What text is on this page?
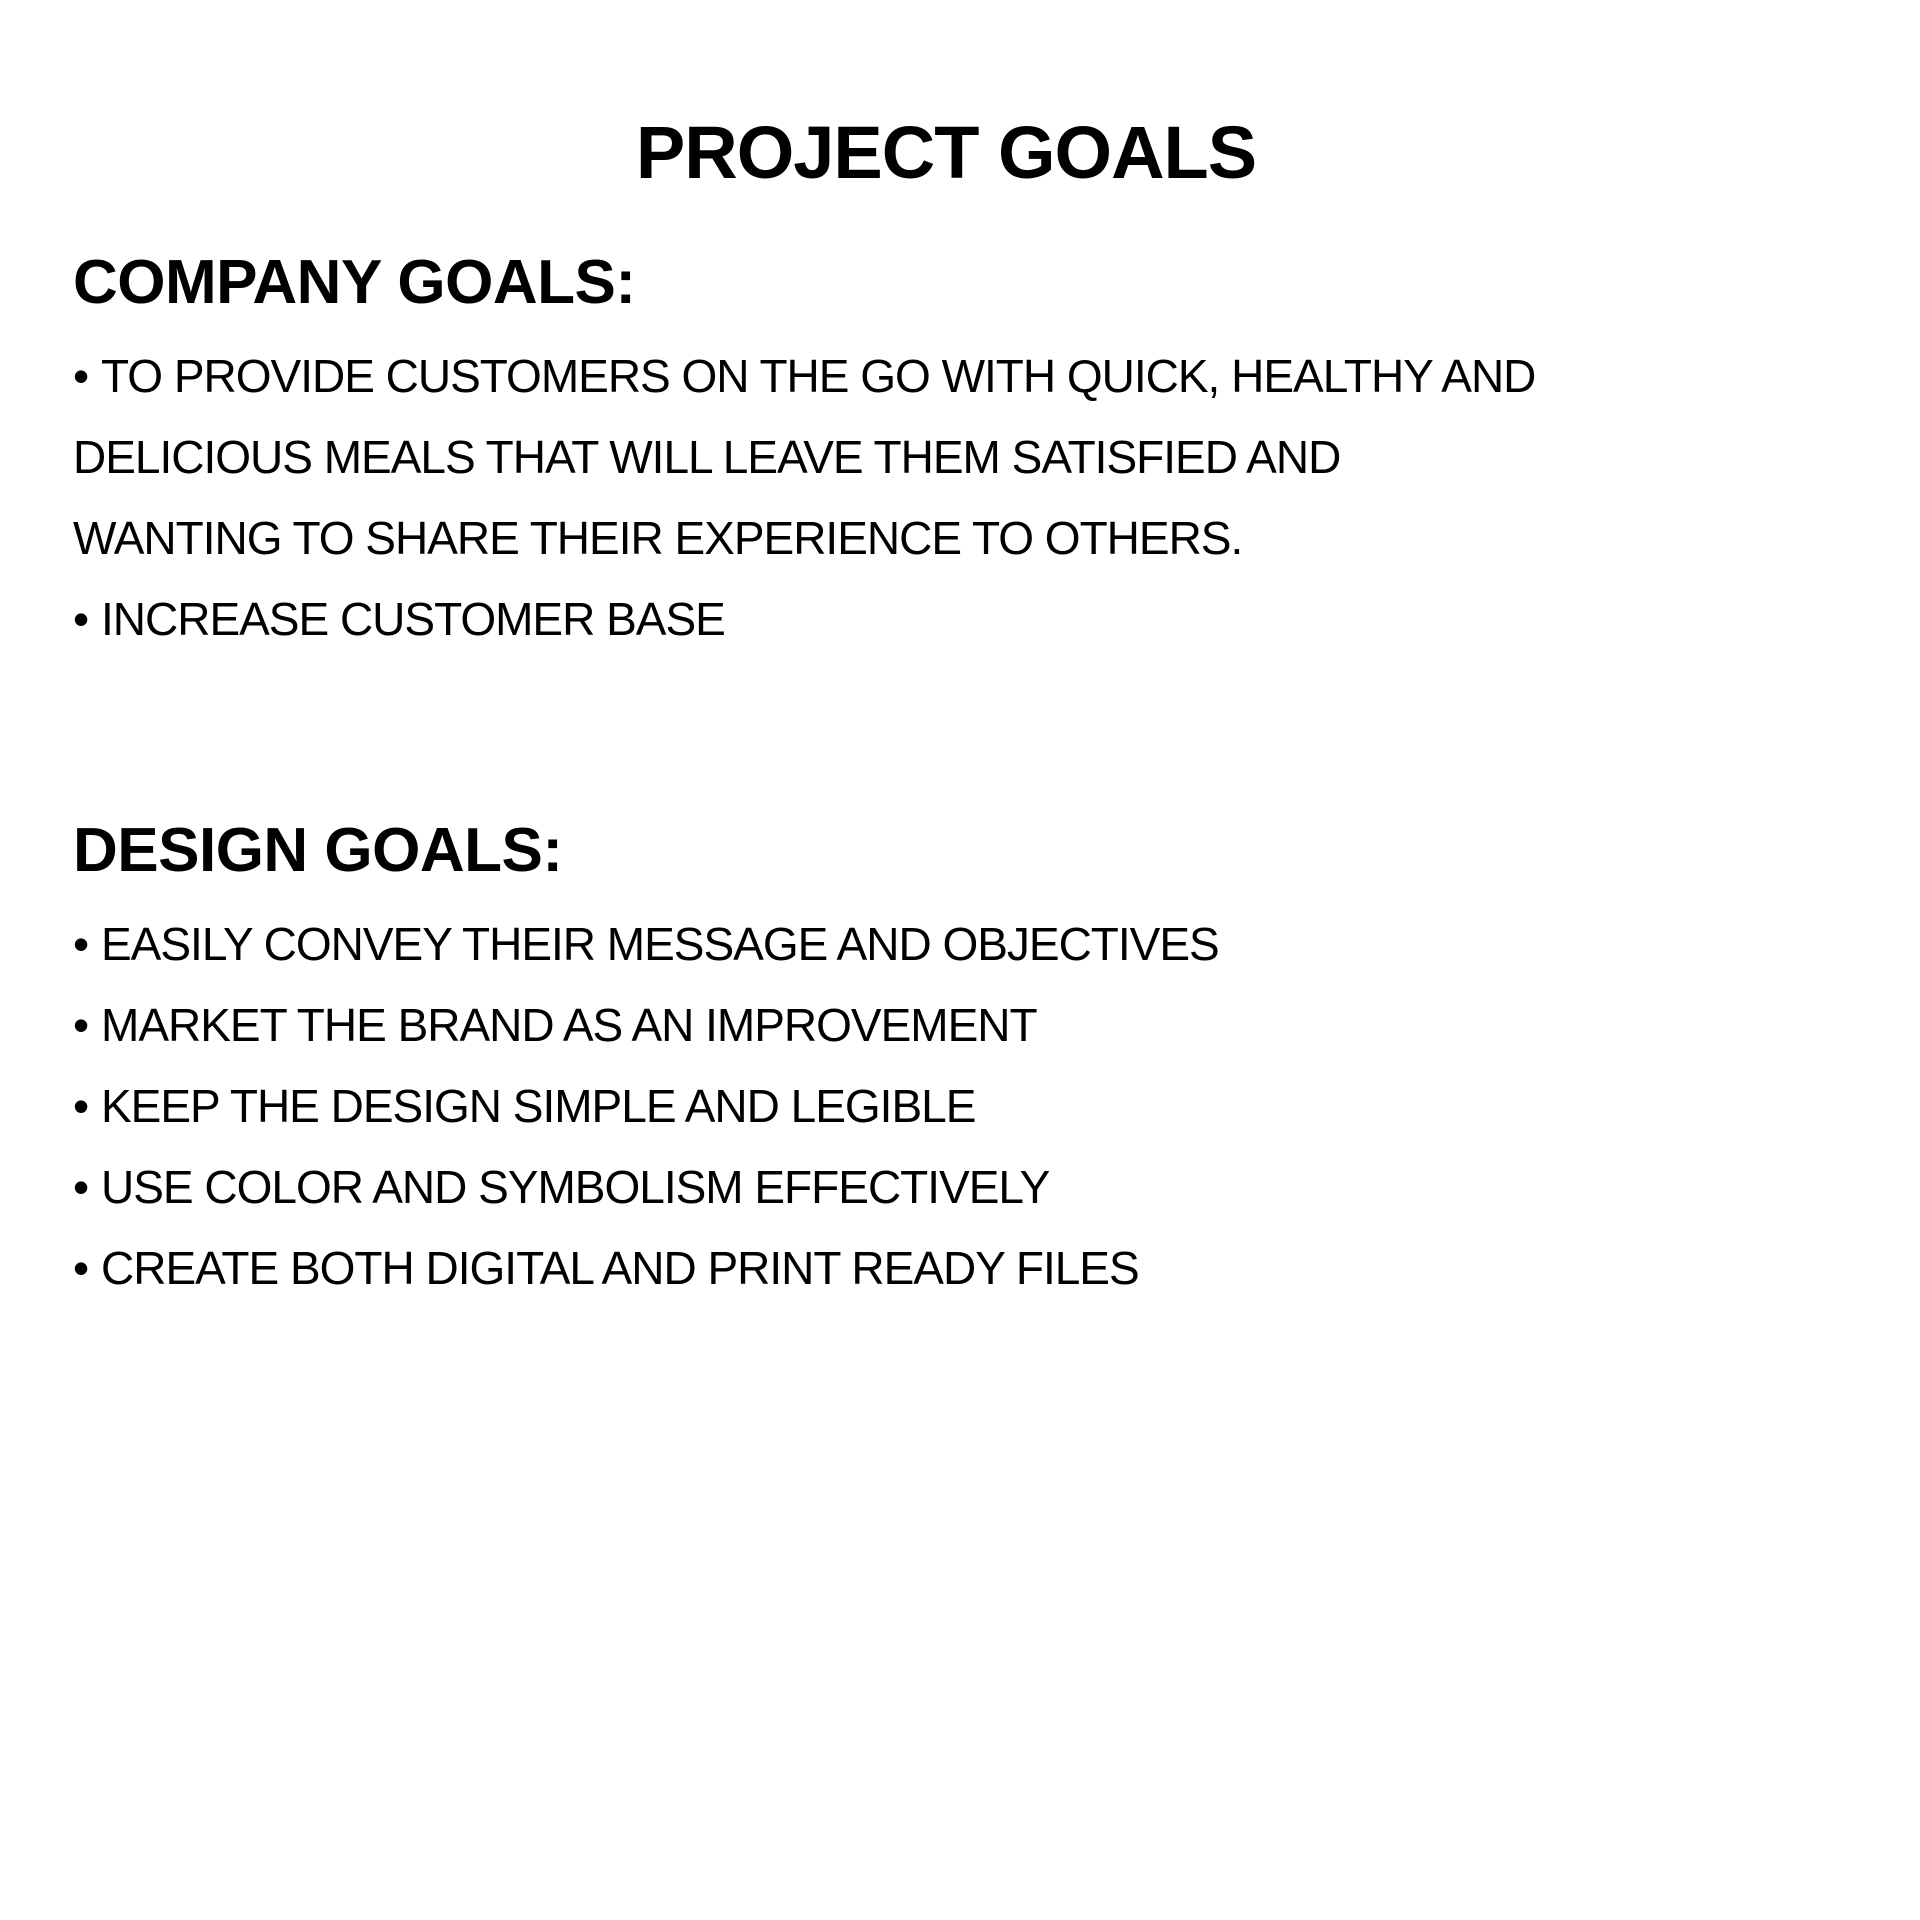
PROJECT GOALS
COMPANY GOALS:
• TO PROVIDE CUSTOMERS ON THE GO WITH QUICK, HEALTHY AND DELICIOUS MEALS THAT WILL LEAVE THEM SATISFIED AND WANTING TO SHARE THEIR EXPERIENCE TO OTHERS.
• INCREASE CUSTOMER BASE
DESIGN GOALS:
• EASILY CONVEY THEIR MESSAGE AND OBJECTIVES
• MARKET THE BRAND AS AN IMPROVEMENT
• KEEP THE DESIGN SIMPLE AND LEGIBLE
• USE COLOR AND SYMBOLISM EFFECTIVELY
• CREATE BOTH DIGITAL AND PRINT READY FILES
